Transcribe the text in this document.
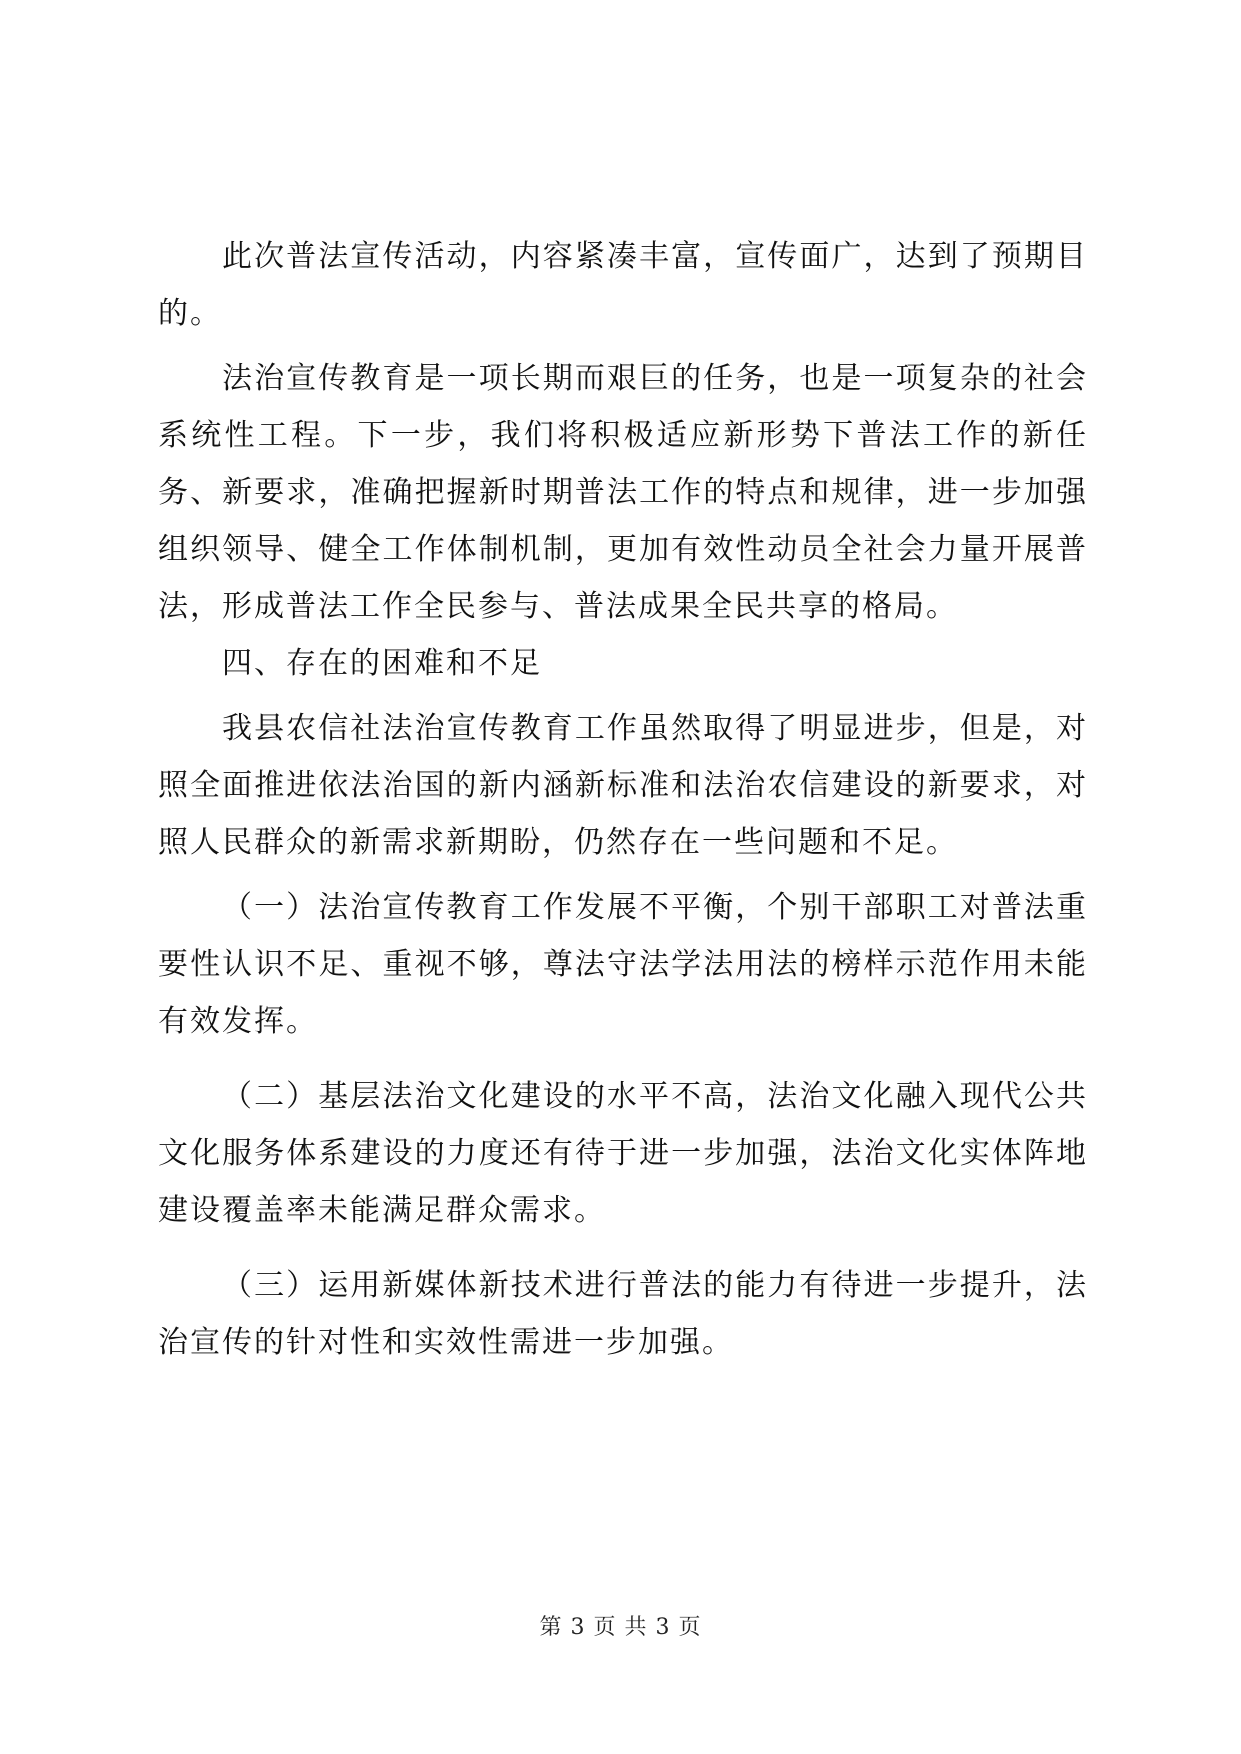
此次普法宣传活动，内容紧凑丰富，宣传面广，达到了预期目的。

法治宣传教育是一项长期而艰巨的任务，也是一项复杂的社会系统性工程。下一步，我们将积极适应新形势下普法工作的新任务、新要求，准确把握新时期普法工作的特点和规律，进一步加强组织领导、健全工作体制机制，更加有效性动员全社会力量开展普法，形成普法工作全民参与、普法成果全民共享的格局。

四、存在的困难和不足

我县农信社法治宣传教育工作虽然取得了明显进步，但是，对照全面推进依法治国的新内涵新标准和法治农信建设的新要求，对照人民群众的新需求新期盼，仍然存在一些问题和不足。

（一）法治宣传教育工作发展不平衡，个别干部职工对普法重要性认识不足、重视不够，尊法守法学法用法的榜样示范作用未能有效发挥。

（二）基层法治文化建设的水平不高，法治文化融入现代公共文化服务体系建设的力度还有待于进一步加强，法治文化实体阵地建设覆盖率未能满足群众需求。

（三）运用新媒体新技术进行普法的能力有待进一步提升，法治宣传的针对性和实效性需进一步加强。

第 3 页 共 3 页
